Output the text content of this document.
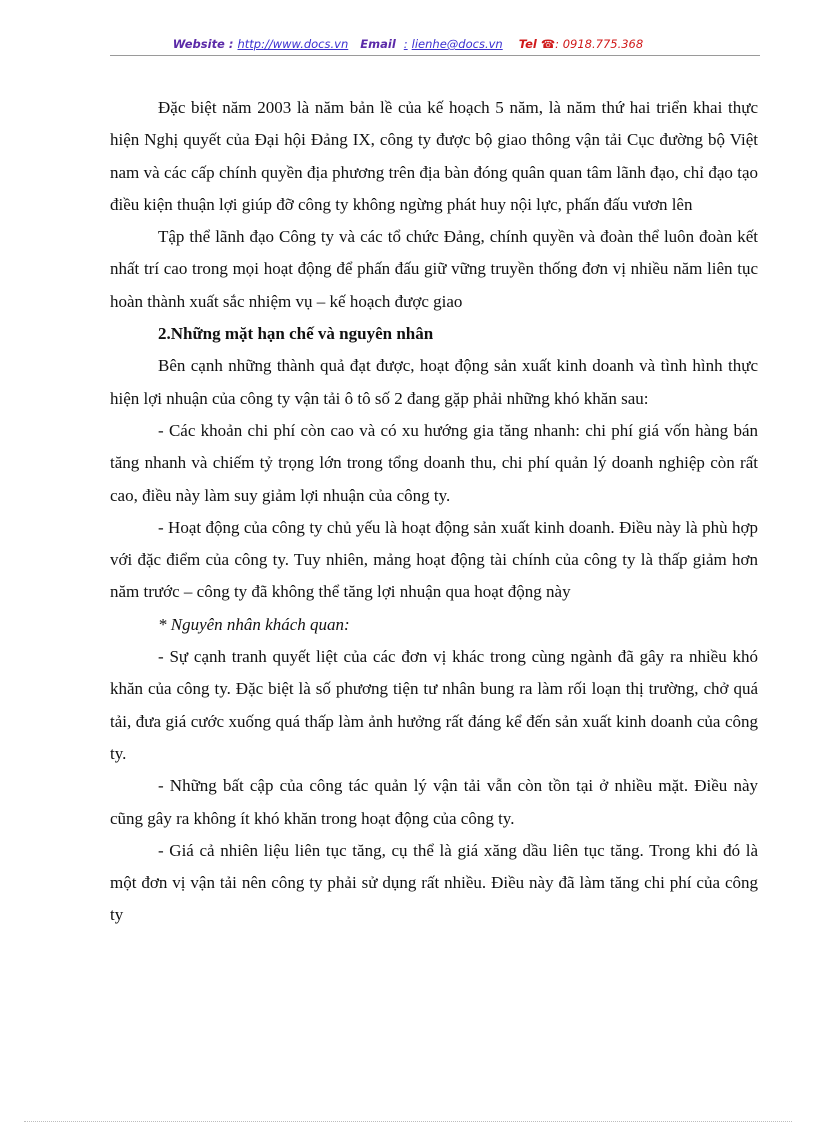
Website : http://www.docs.vn Email : lienhe@docs.vn Tel ☎: 0918.775.368

Đặc biệt năm 2003 là năm bản lề của kế hoạch 5 năm, là năm thứ hai triển khai thực hiện Nghị quyết của Đại hội Đảng IX, công ty được bộ giao thông vận tải Cục đường bộ Việt nam và các cấp chính quyền địa phương trên địa bàn đóng quân quan tâm lãnh đạo, chỉ đạo tạo điều kiện thuận lợi giúp đỡ công ty không ngừng phát huy nội lực, phấn đấu vươn lên

Tập thể lãnh đạo Công ty và các tổ chức Đảng, chính quyền và đoàn thể luôn đoàn kết nhất trí cao trong mọi hoạt động để phấn đấu giữ vững truyền thống đơn vị nhiều năm liên tục hoàn thành xuất sắc nhiệm vụ – kế hoạch được giao

2.Những mặt hạn chế và nguyên nhân

Bên cạnh những thành quả đạt được, hoạt động sản xuất kinh doanh và tình hình thực hiện lợi nhuận của công ty vận tải ô tô số 2 đang gặp phải những khó khăn sau:

- Các khoản chi phí còn cao và có xu hướng gia tăng nhanh: chi phí giá vốn hàng bán tăng nhanh và chiếm tỷ trọng lớn trong tổng doanh thu, chi phí quản lý doanh nghiệp còn rất cao, điều này làm suy giảm lợi nhuận của công ty.

- Hoạt động của công ty chủ yếu là hoạt động sản xuất kinh doanh. Điều này là phù hợp với đặc điểm của công ty. Tuy nhiên, mảng hoạt động tài chính của công ty là thấp giảm hơn năm trước – công ty đã không thể tăng lợi nhuận qua hoạt động này

* Nguyên nhân khách quan:

- Sự cạnh tranh quyết liệt của các đơn vị khác trong cùng ngành đã gây ra nhiều khó khăn của công ty. Đặc biệt là số phương tiện tư nhân bung ra làm rối loạn thị trường, chở quá tải, đưa giá cước xuống quá thấp làm ảnh hưởng rất đáng kể đến sản xuất kinh doanh của công ty.

- Những bất cập của công tác quản lý vận tải vẫn còn tồn tại ở nhiều mặt. Điều này cũng gây ra không ít khó khăn trong hoạt động của công ty.

- Giá cả nhiên liệu liên tục tăng, cụ thể là giá xăng dầu liên tục tăng. Trong khi đó là một đơn vị vận tải nên công ty phải sử dụng rất nhiều. Điều này đã làm tăng chi phí của công ty
